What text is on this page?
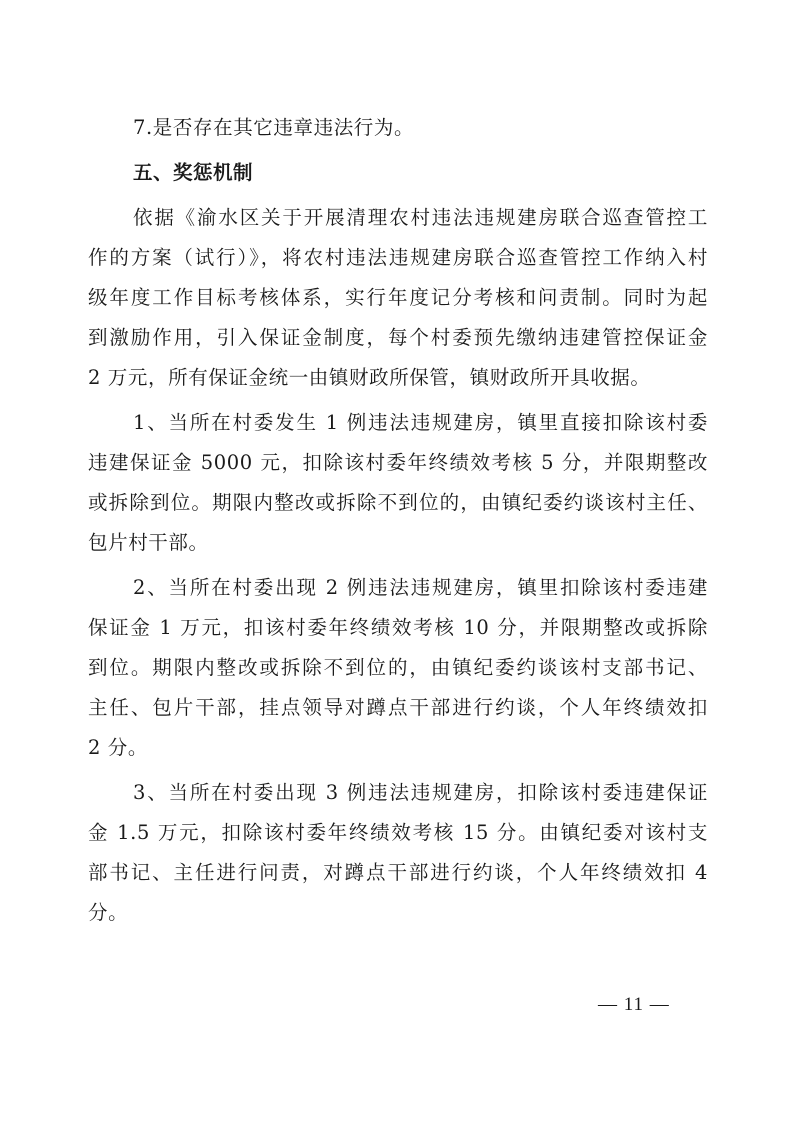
7.是否存在其它违章违法行为。
五、奖惩机制
依据《渝水区关于开展清理农村违法违规建房联合巡查管控工
作的方案（试行）》，将农村违法违规建房联合巡查管控工作纳入村
级年度工作目标考核体系，实行年度记分考核和问责制。同时为起
到激励作用，引入保证金制度，每个村委预先缴纳违建管控保证金
2 万元，所有保证金统一由镇财政所保管，镇财政所开具收据。
1、当所在村委发生 1 例违法违规建房，镇里直接扣除该村委
违建保证金 5000 元，扣除该村委年终绩效考核 5 分，并限期整改
或拆除到位。期限内整改或拆除不到位的，由镇纪委约谈该村主任、
包片村干部。
2、当所在村委出现 2 例违法违规建房，镇里扣除该村委违建
保证金 1 万元，扣该村委年终绩效考核 10 分，并限期整改或拆除
到位。期限内整改或拆除不到位的，由镇纪委约谈该村支部书记、
主任、包片干部，挂点领导对蹲点干部进行约谈，个人年终绩效扣
2 分。
3、当所在村委出现 3 例违法违规建房，扣除该村委违建保证
金 1.5 万元，扣除该村委年终绩效考核 15 分。由镇纪委对该村支
部书记、主任进行问责，对蹲点干部进行约谈，个人年终绩效扣 4
分。
— 11 —
